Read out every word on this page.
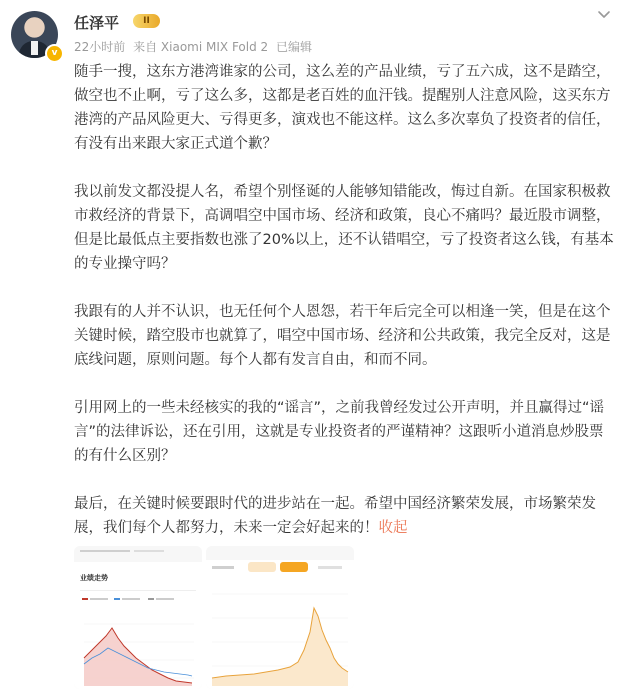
v
任泽平	II
22小时前 来自 Xiaomi MIX Fold 2 已编辑

随手一搜，这东方港湾谁家的公司，这么差的产品业绩，亏了五六成，这不是踏空，做空也不止啊，亏了这么多，这都是老百姓的血汗钱。提醒别人注意风险，这买东方港湾的产品风险更大、亏得更多，演戏也不能这样。这么多次辜负了投资者的信任，有没有出来跟大家正式道个歉？

我以前发文都没提人名，希望个别怪诞的人能够知错能改，悔过自新。在国家积极救市救经济的背景下，高调唱空中国市场、经济和政策，良心不痛吗？最近股市调整，但是比最低点主要指数也涨了20%以上，还不认错唱空，亏了投资者这么钱，有基本的专业操守吗？

我跟有的人并不认识，也无任何个人恩怨，若干年后完全可以相逢一笑，但是在这个关键时候，踏空股市也就算了，唱空中国市场、经济和公共政策，我完全反对，这是底线问题，原则问题。每个人都有发言自由，和而不同。

引用网上的一些未经核实的我的“谣言”，之前我曾经发过公开声明，并且赢得过“谣言”的法律诉讼，还在引用，这就是专业投资者的严谨精神？这跟听小道消息炒股票的有什么区别？

最后，在关键时候要跟时代的进步站在一起。希望中国经济繁荣发展，市场繁荣发展，我们每个人都努力，未来一定会好起来的！收起

业绩走势
